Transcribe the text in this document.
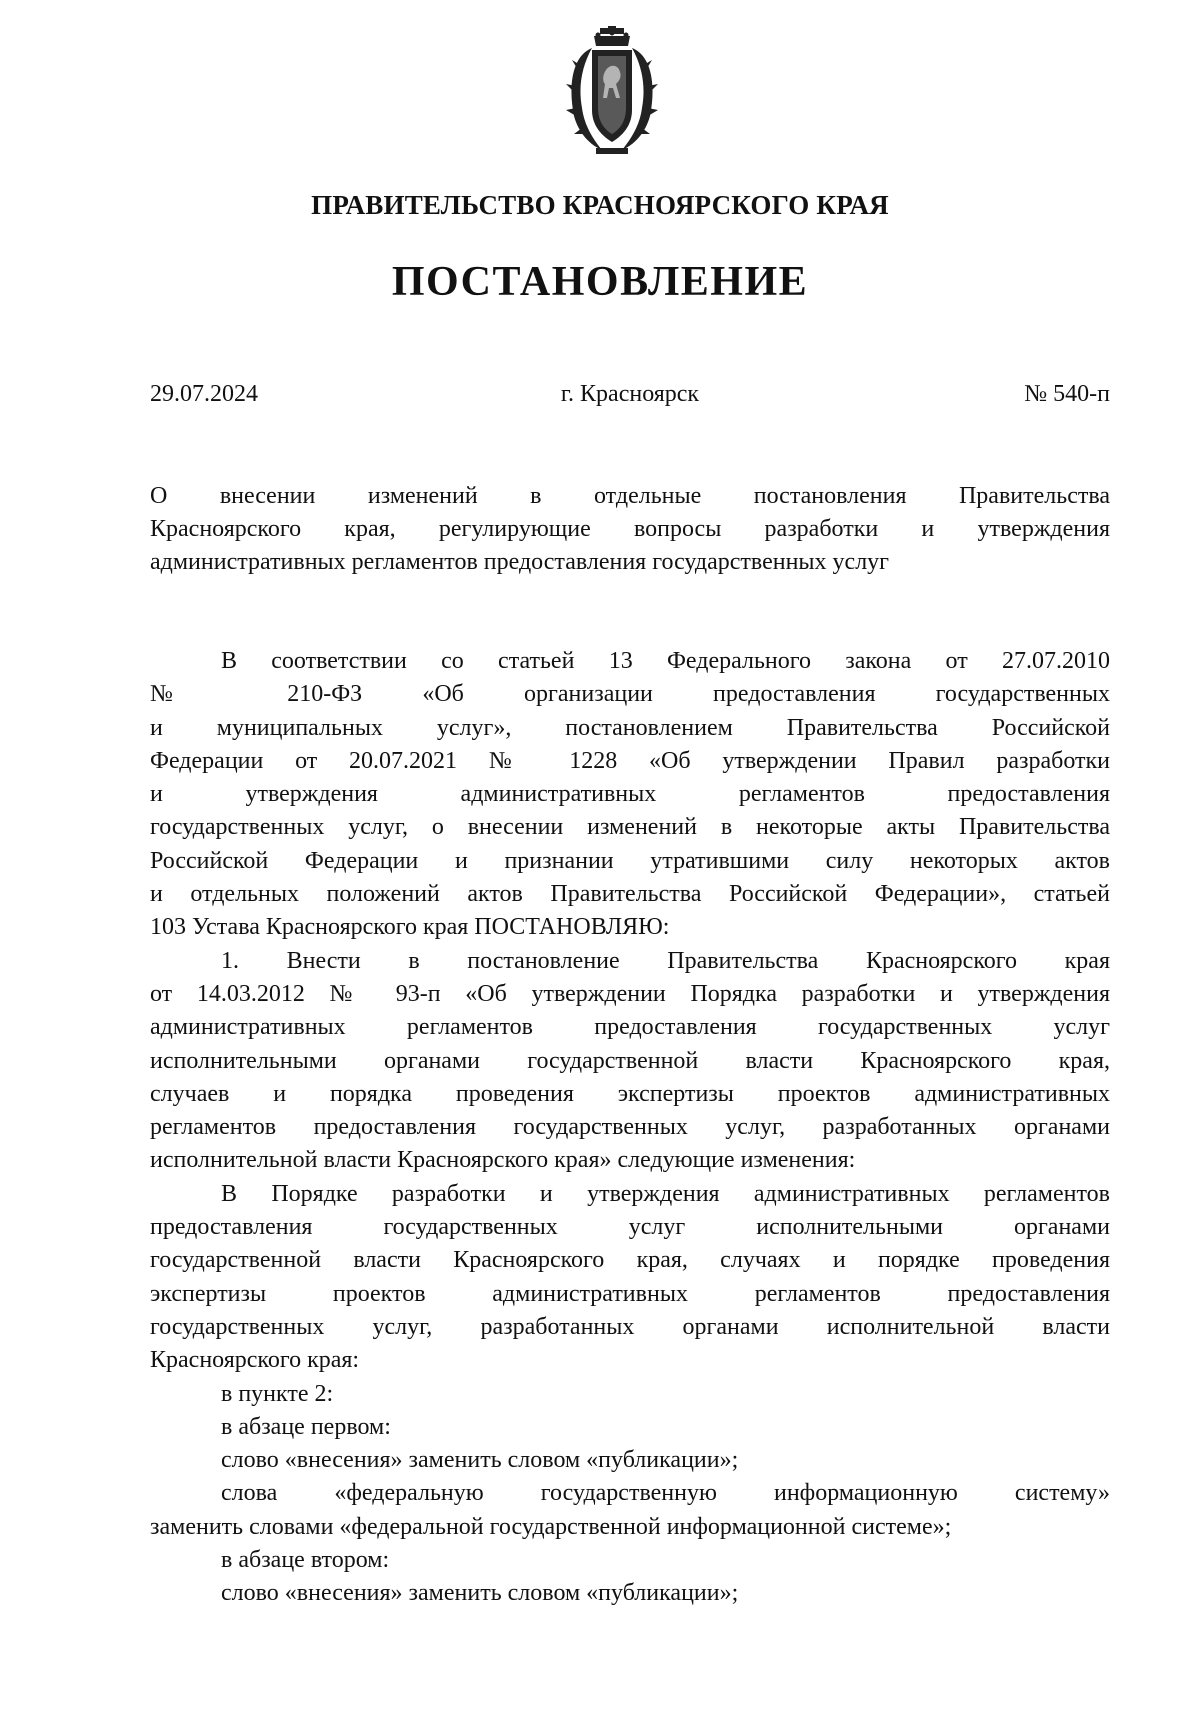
ПРАВИТЕЛЬСТВО КРАСНОЯРСКОГО КРАЯ
ПОСТАНОВЛЕНИЕ
г. Красноярск
29.07.2024	№ 540-п
О внесении изменений в отдельные постановления Правительства
Красноярского края, регулирующие вопросы разработки и утверждения
административных регламентов предоставления государственных услуг
В соответствии со статьей 13 Федерального закона от 27.07.2010
№ 210-ФЗ «Об организации предоставления государственных
и муниципальных услуг», постановлением Правительства Российской
Федерации от 20.07.2021 № 1228 «Об утверждении Правил разработки
и утверждения административных регламентов предоставления
государственных услуг, о внесении изменений в некоторые акты Правительства
Российской Федерации и признании утратившими силу некоторых актов
и отдельных положений актов Правительства Российской Федерации», статьей
103 Устава Красноярского края ПОСТАНОВЛЯЮ:
1. Внести в постановление Правительства Красноярского края
от 14.03.2012 № 93-п «Об утверждении Порядка разработки и утверждения
административных регламентов предоставления государственных услуг
исполнительными органами государственной власти Красноярского края,
случаев и порядка проведения экспертизы проектов административных
регламентов предоставления государственных услуг, разработанных органами
исполнительной власти Красноярского края» следующие изменения:
В Порядке разработки и утверждения административных регламентов
предоставления государственных услуг исполнительными органами
государственной власти Красноярского края, случаях и порядке проведения
экспертизы проектов административных регламентов предоставления
государственных услуг, разработанных органами исполнительной власти
Красноярского края:
в пункте 2:
в абзаце первом:
слово «внесения» заменить словом «публикации»;
слова «федеральную государственную информационную систему»
заменить словами «федеральной государственной информационной системе»;
в абзаце втором:
слово «внесения» заменить словом «публикации»;
